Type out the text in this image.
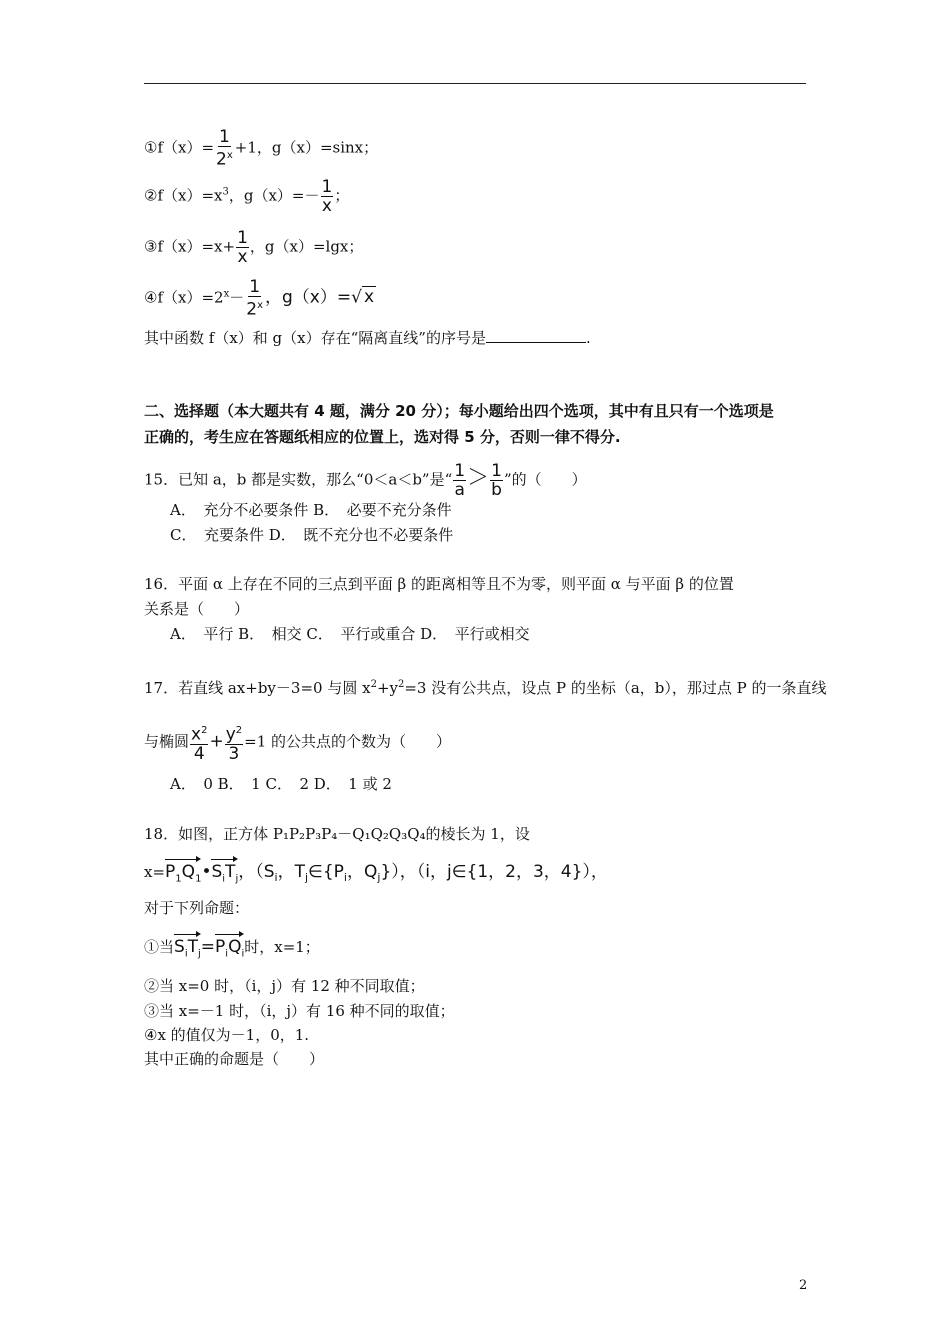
①f（x）= $\frac{1}{2^x} +1$，g（x）=sinx；
$②f(x)=x^3$，$g(x)=- \frac{1}{x}$ ；
③f（x）=x+ $\frac{1}{x}$ ，g（x）=lgx；
$④f(x)=2^x- \frac{1}{2^x}$ ，g（x）=√ x
其中函数 f（x）和 g（x）存在“隔离直线”的序号是	.
二、选择题（本大题共有 4 题，满分 20 分）；每小题给出四个选项，其中有且只有一个选项是
正确的，考生应在答题纸相应的位置上，选对得 5 分，否则一律不得分.
15．已知 a，b 都是实数，那么“0＜a＜b”是“ $\frac{1}{a} > \frac{1}{b}$ ”的（　　）
A．　充分不必要条件 B．　必要不充分条件
C．　充要条件 D．　既不充分也不必要条件
16．平面 α 上存在不同的三点到平面 β 的距离相等且不为零，则平面 α 与平面 β 的位置
关系是（　　）
A．　平行 B．　相交 C．　平行或重合 D．　平行或相交
17．若直线 ax+by－3=0 与圆 $x^2+y^2=3$ 没有公共点，设点 P 的坐标（a，b），那过点 P 的一条直线
与椭圆 $\frac{x^2}{4} + \frac{y^2}{3} =1$ 的公共点的个数为（　　）
A．　0 B．　1 C．　2 D．　1 或 2
18．如图，正方体 P₁P₂P₃P₄－Q₁Q₂Q₃Q₄的棱长为 1，设
$x=P_1Q_1•S_iT_j$，（$S_i$，$T_j\in\{P_i$，$Q_j$}），（i，j∈{1，2，3，4}），
对于下列命题：
①当$S_iT_j=P_iQ_i$时，x=1；
②当 x=0 时，（i，j）有 12 种不同取值；
③当 x=－1 时，（i，j）有 16 种不同的取值；
④x 的值仅为－1，0，1.
其中正确的命题是（　　）
2
